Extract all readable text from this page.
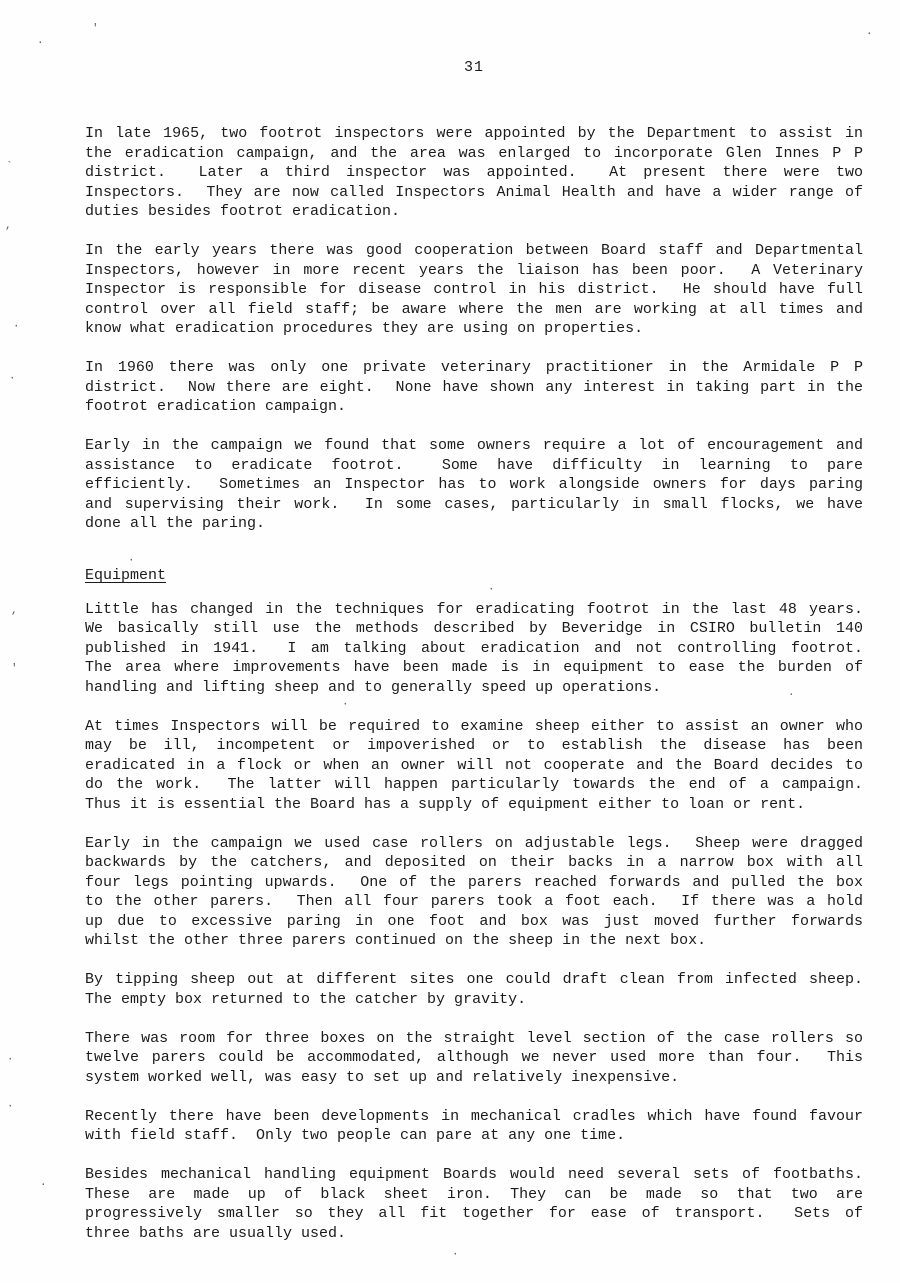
31
In late 1965, two footrot inspectors were appointed by the Department to assist in
the eradication campaign, and the area was enlarged to incorporate Glen Innes P P
district.  Later a third inspector was appointed.  At present there were two
Inspectors.  They are now called Inspectors Animal Health and have a wider range of
duties besides footrot eradication.
In the early years there was good cooperation between Board staff and Departmental
Inspectors, however in more recent years the liaison has been poor.  A Veterinary
Inspector is responsible for disease control in his district.  He should have full
control over all field staff; be aware where the men are working at all times and
know what eradication procedures they are using on properties.
In 1960 there was only one private veterinary practitioner in the Armidale P P
district.  Now there are eight.  None have shown any interest in taking part in the
footrot eradication campaign.
Early in the campaign we found that some owners require a lot of encouragement and
assistance to eradicate footrot.  Some have difficulty in learning to pare
efficiently.  Sometimes an Inspector has to work alongside owners for days paring
and supervising their work.  In some cases, particularly in small flocks, we have
done all the paring.
Equipment
Little has changed in the techniques for eradicating footrot in the last 48 years.
We basically still use the methods described by Beveridge in CSIRO bulletin 140
published in 1941.  I am talking about eradication and not controlling footrot.
The area where improvements have been made is in equipment to ease the burden of
handling and lifting sheep and to generally speed up operations.
At times Inspectors will be required to examine sheep either to assist an owner who
may be ill, incompetent or impoverished or to establish the disease has been
eradicated in a flock or when an owner will not cooperate and the Board decides to
do the work.  The latter will happen particularly towards the end of a campaign.
Thus it is essential the Board has a supply of equipment either to loan or rent.
Early in the campaign we used case rollers on adjustable legs.  Sheep were dragged
backwards by the catchers, and deposited on their backs in a narrow box with all
four legs pointing upwards.  One of the parers reached forwards and pulled the box
to the other parers.  Then all four parers took a foot each.  If there was a hold
up due to excessive paring in one foot and box was just moved further forwards
whilst the other three parers continued on the sheep in the next box.
By tipping sheep out at different sites one could draft clean from infected sheep.
The empty box returned to the catcher by gravity.
There was room for three boxes on the straight level section of the case rollers so
twelve parers could be accommodated, although we never used more than four.  This
system worked well, was easy to set up and relatively inexpensive.
Recently there have been developments in mechanical cradles which have found favour
with field staff.  Only two people can pare at any one time.
Besides mechanical handling equipment Boards would need several sets of footbaths.
These are made up of black sheet iron. They can be made so that two are
progressively smaller so they all fit together for ease of transport.  Sets of
three baths are usually used.
'
.
.
`
,
·
·
·
,
'
·
·
.
·
·
.
·
